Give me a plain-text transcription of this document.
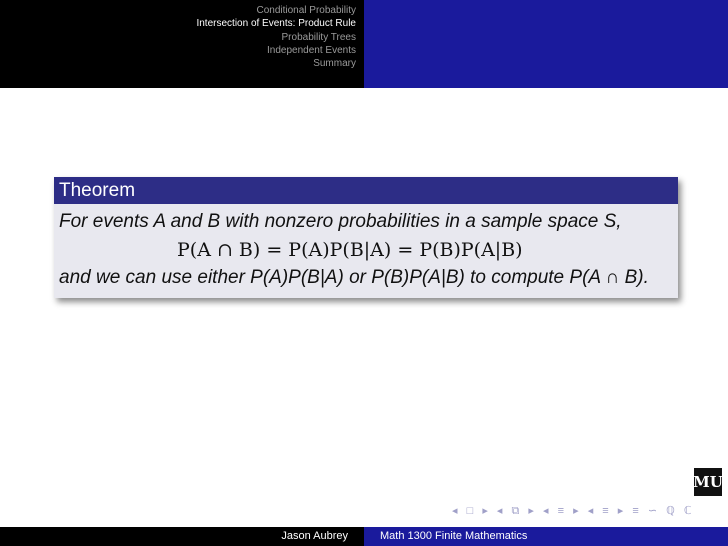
Conditional Probability
Intersection of Events: Product Rule
Probability Trees
Independent Events
Summary
Theorem

For events A and B with nonzero probabilities in a sample space S,

P(A ∩ B) = P(A)P(B|A) = P(B)P(A|B)

and we can use either P(A)P(B|A) or P(B)P(A|B) to compute P(A ∩ B).

MU
◂ □ ▸ ◂ ⧉ ▸ ◂ ≡ ▸ ◂ ≡ ▸ ≡ ∽ ℚ ℂ
Jason Aubrey	Math 1300 Finite Mathematics
